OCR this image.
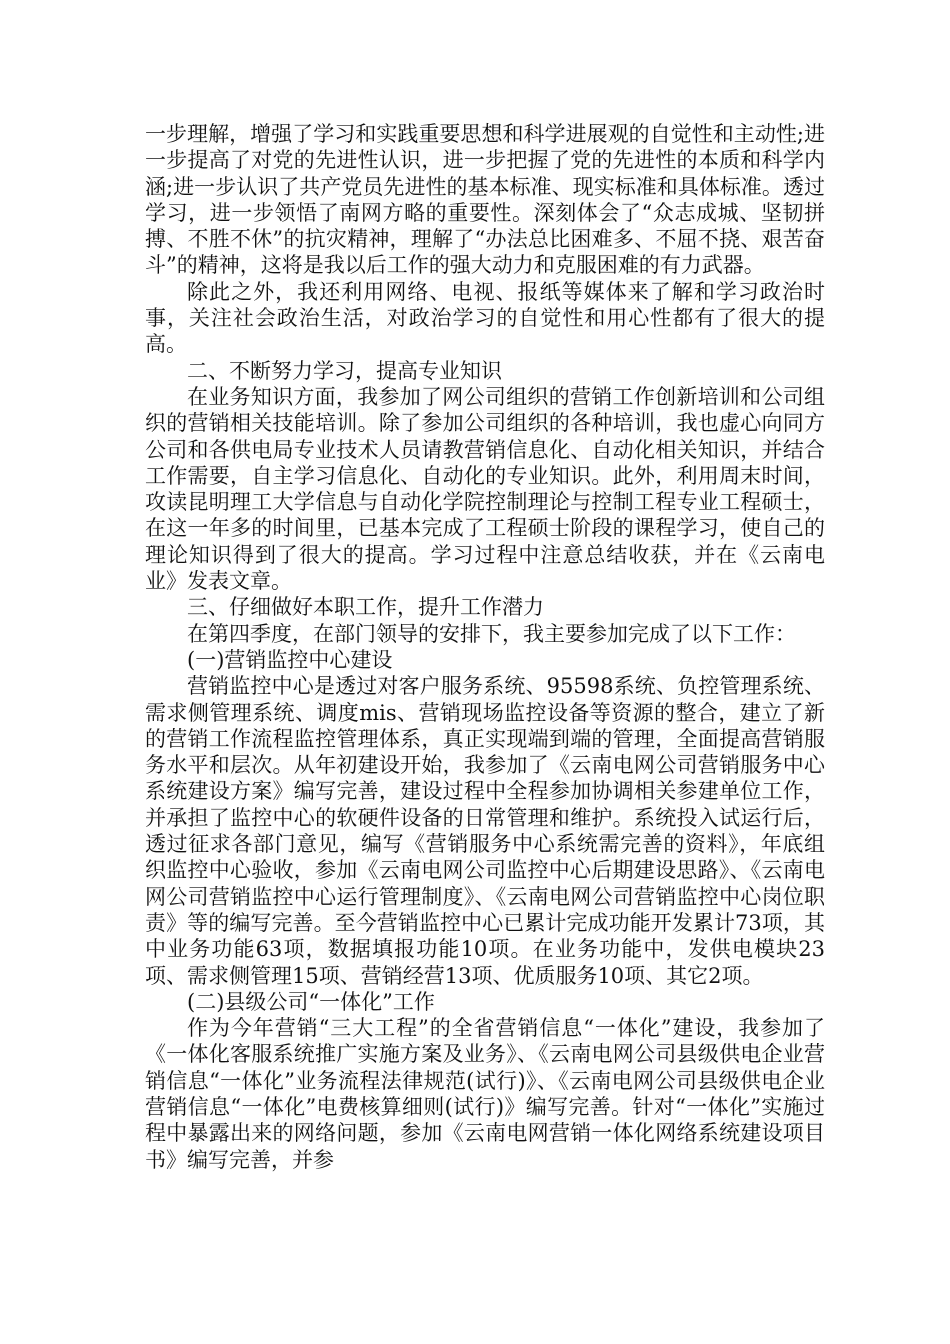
一步理解，增强了学习和实践重要思想和科学进展观的自觉性和主动性;进一步提高了对党的先进性认识，进一步把握了党的先进性的本质和科学内涵;进一步认识了共产党员先进性的基本标准、现实标准和具体标准。透过学习，进一步领悟了南网方略的重要性。深刻体会了“众志成城、坚韧拼搏、不胜不休”的抗灾精神，理解了“办法总比困难多、不屈不挠、艰苦奋斗”的精神，这将是我以后工作的强大动力和克服困难的有力武器。

除此之外，我还利用网络、电视、报纸等媒体来了解和学习政治时事，关注社会政治生活，对政治学习的自觉性和用心性都有了很大的提高。

二、不断努力学习，提高专业知识

在业务知识方面，我参加了网公司组织的营销工作创新培训和公司组织的营销相关技能培训。除了参加公司组织的各种培训，我也虚心向同方公司和各供电局专业技术人员请教营销信息化、自动化相关知识，并结合工作需要，自主学习信息化、自动化的专业知识。此外，利用周末时间，攻读昆明理工大学信息与自动化学院控制理论与控制工程专业工程硕士，在这一年多的时间里，已基本完成了工程硕士阶段的课程学习，使自己的理论知识得到了很大的提高。学习过程中注意总结收获，并在《云南电业》发表文章。

三、仔细做好本职工作，提升工作潜力

在第四季度，在部门领导的安排下，我主要参加完成了以下工作：

(一)营销监控中心建设

营销监控中心是透过对客户服务系统、95598系统、负控管理系统、需求侧管理系统、调度mis、营销现场监控设备等资源的整合，建立了新的营销工作流程监控管理体系，真正实现端到端的管理，全面提高营销服务水平和层次。从年初建设开始，我参加了《云南电网公司营销服务中心系统建设方案》编写完善，建设过程中全程参加协调相关参建单位工作，并承担了监控中心的软硬件设备的日常管理和维护。系统投入试运行后，透过征求各部门意见，编写《营销服务中心系统需完善的资料》，年底组织监控中心验收，参加《云南电网公司监控中心后期建设思路》、《云南电网公司营销监控中心运行管理制度》、《云南电网公司营销监控中心岗位职责》等的编写完善。至今营销监控中心已累计完成功能开发累计73项，其中业务功能63项，数据填报功能10项。在业务功能中，发供电模块23项、需求侧管理15项、营销经营13项、优质服务10项、其它2项。

(二)县级公司“一体化”工作

作为今年营销“三大工程”的全省营销信息“一体化”建设，我参加了《一体化客服系统推广实施方案及业务》、《云南电网公司县级供电企业营销信息“一体化”业务流程法律规范(试行)》、《云南电网公司县级供电企业营销信息“一体化”电费核算细则(试行)》编写完善。针对“一体化”实施过程中暴露出来的网络问题，参加《云南电网营销一体化网络系统建设项目书》编写完善，并参
